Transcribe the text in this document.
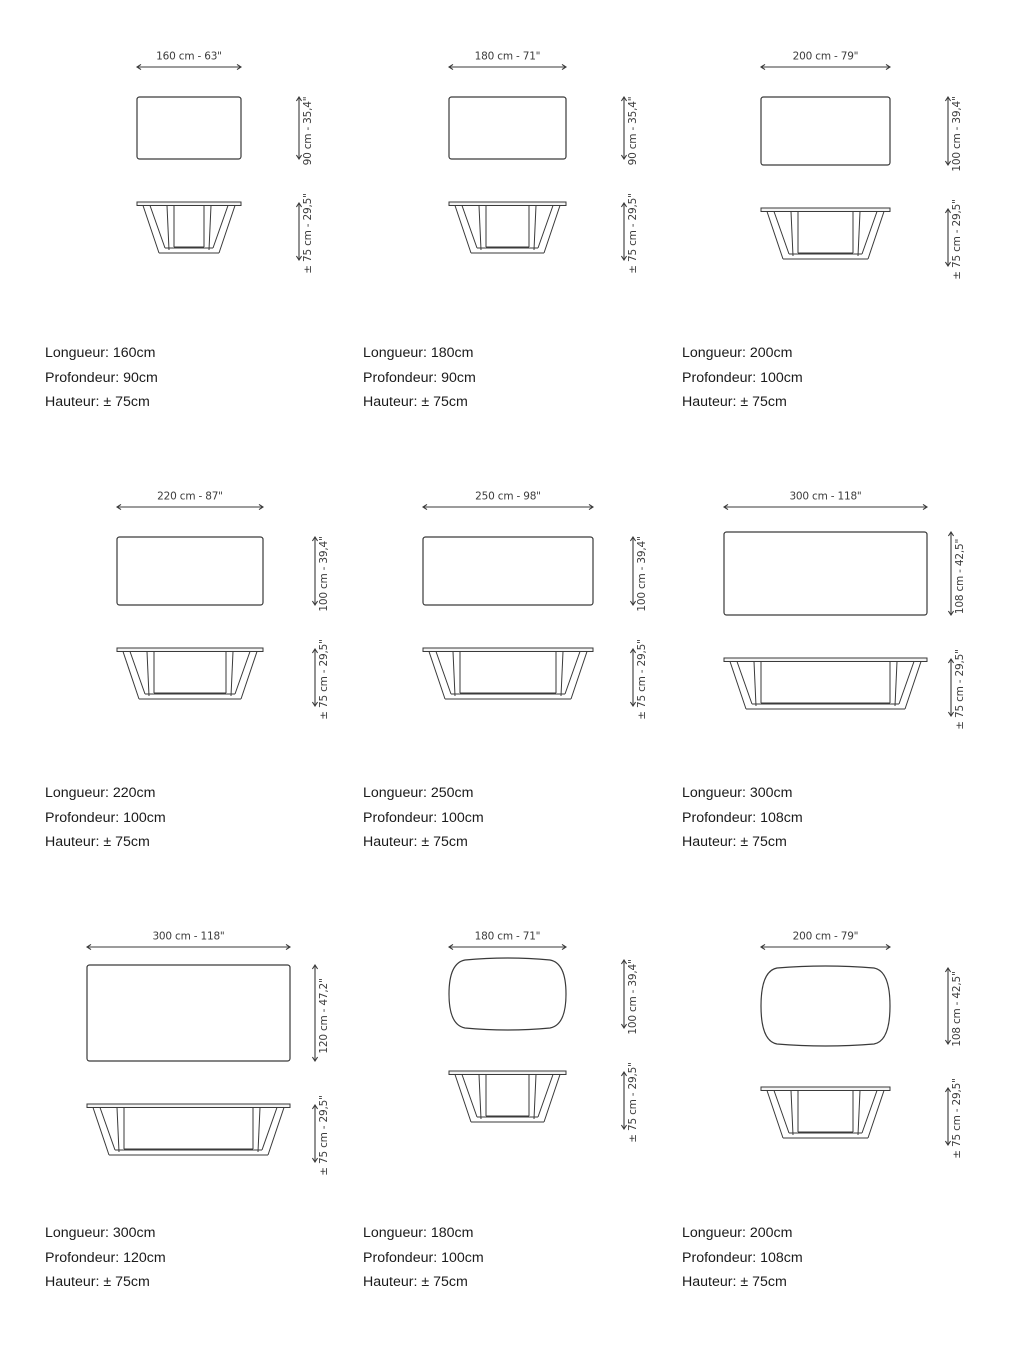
160 cm - 63"
90 cm - 35,4"
± 75 cm - 29,5"
Longueur: 160cm
Profondeur: 90cm
Hauteur: ± 75cm
180 cm - 71"
90 cm - 35,4"
± 75 cm - 29,5"
Longueur: 180cm
Profondeur: 90cm
Hauteur: ± 75cm
200 cm - 79"
100 cm - 39,4"
± 75 cm - 29,5"
Longueur: 200cm
Profondeur: 100cm
Hauteur: ± 75cm
220 cm - 87"
100 cm - 39,4"
± 75 cm - 29,5"
Longueur: 220cm
Profondeur: 100cm
Hauteur: ± 75cm
250 cm - 98"
100 cm - 39,4"
± 75 cm - 29,5"
Longueur: 250cm
Profondeur: 100cm
Hauteur: ± 75cm
300 cm - 118"
108 cm - 42,5"
± 75 cm - 29,5"
Longueur: 300cm
Profondeur: 108cm
Hauteur: ± 75cm
300 cm - 118"
120 cm - 47,2"
± 75 cm - 29,5"
Longueur: 300cm
Profondeur: 120cm
Hauteur: ± 75cm
180 cm - 71"
100 cm - 39,4"
± 75 cm - 29,5"
Longueur: 180cm
Profondeur: 100cm
Hauteur: ± 75cm
200 cm - 79"
108 cm - 42,5"
± 75 cm - 29,5"
Longueur: 200cm
Profondeur: 108cm
Hauteur: ± 75cm
